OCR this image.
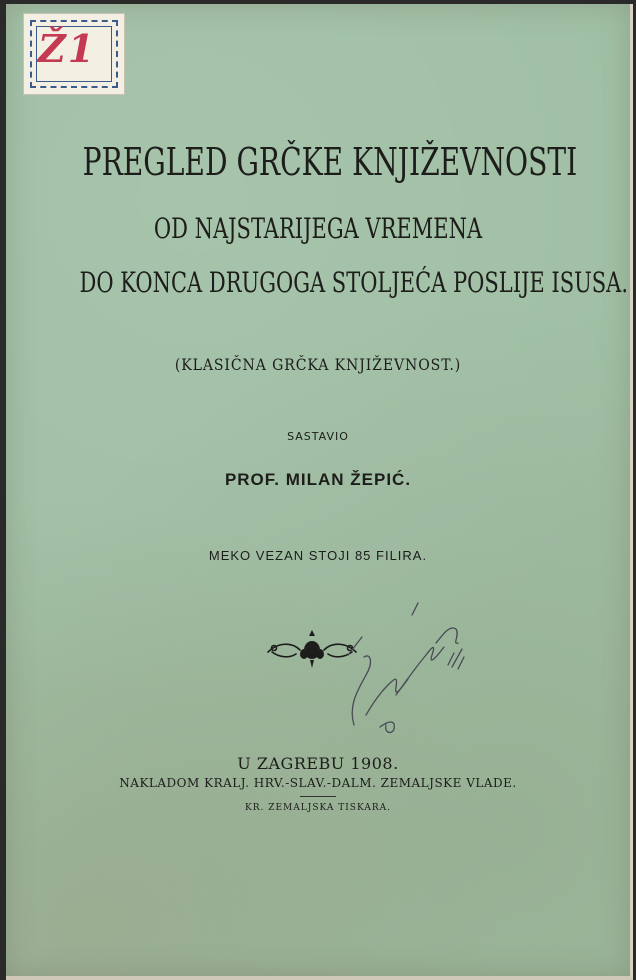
Ž1
PREGLED GRČKE KNJIŽEVNOSTI
OD NAJSTARIJEGA VREMENA
DO KONCA DRUGOGA STOLJEĆA POSLIJE ISUSA.
(KLASIČNA GRČKA KNJIŽEVNOST.)
SASTAVIO
PROF. MILAN ŽEPIĆ.
MEKO VEZAN STOJI 85 FILIRA.
U ZAGREBU 1908.
NAKLADOM KRALJ. HRV.-SLAV.-DALM. ZEMALJSKE VLADE.
KR. ZEMALJSKA TISKARA.
